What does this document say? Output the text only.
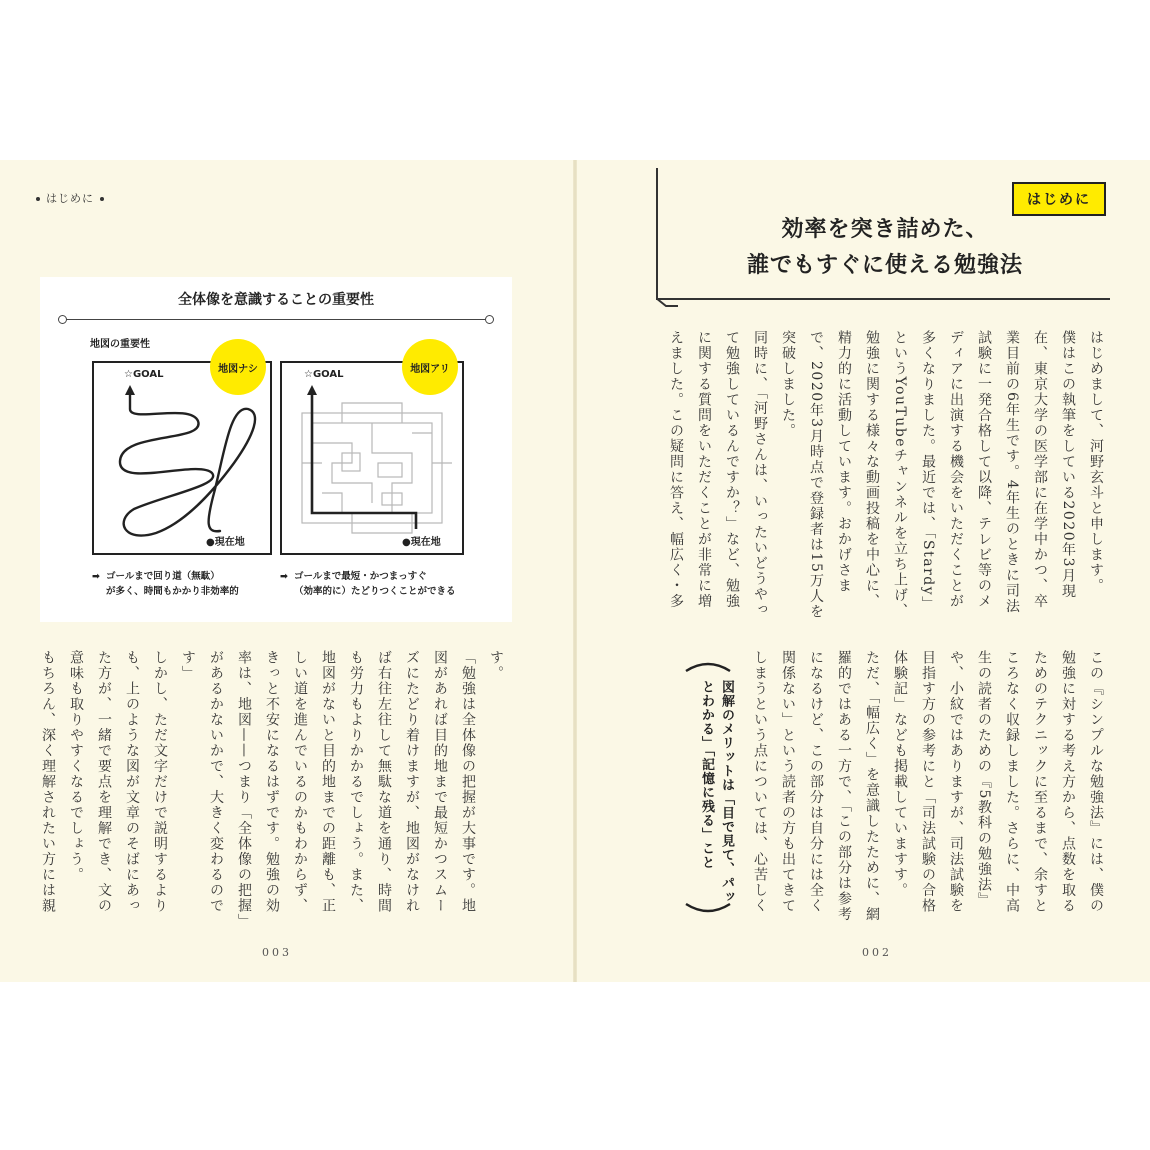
はじめに
全体像を意識することの重要性
地図の重要性
☆GOAL
●現在地
地図ナシ	☆GOAL
●現在地
地図アリ
➡ ゴールまで回り道（無駄）
が多く、時間もかかり非効率的
➡ ゴールまで最短・かつまっすぐ
（効率的に）たどりつくことができる
す。
「勉強は全体像の把握が大事です。地図があれば目的地まで最短かつスムーズにたどり着けますが、地図がなければ右往左往して無駄な道を通り、時間も労力もよりかかるでしょう。また、地図がないと目的地までの距離も、正しい道を進んでいるのかもわからず、きっと不安になるはずです。勉強の効率は、地図——つまり「全体像の把握」があるかないかで、大きく変わるのです」
しかし、ただ文字だけで説明するよりも、上のような図が文章のそばにあった方が、一緒で要点を理解でき、文の意味も取りやすくなるでしょう。
もちろん、深く理解されたい方には親
003
はじめに
効率を突き詰めた、
誰でもすぐに使える勉強法
はじめまして、河野玄斗と申します。
僕はこの執筆をしている2020年3月現在、東京大学の医学部に在学中かつ、卒業目前の6年生です。4年生のときに司法試験に一発合格して以降、テレビ等のメディアに出演する機会をいただくことが多くなりました。最近では、「Stardy」というYouTubeチャンネルを立ち上げ、勉強に関する様々な動画投稿を中心に、精力的に活動しています。おかげさまで、2020年3月時点で登録者は15万人を突破しました。
同時に、「河野さんは、いったいどうやって勉強しているんですか？」など、勉強に関する質問をいただくことが非常に増えました。この疑問に答え、幅広く・多
図解のメリットは「目で見て、パッとわかる」「記憶に残る」こと	この『シンプルな勉強法』には、僕の勉強に対する考え方から、点数を取るためのテクニックに至るまで、余すところなく収録しました。さらに、中高生の読者のための『5教科の勉強法』や、小紋ではありますが、司法試験を目指す方の参考にと「司法試験の合格体験記」なども掲載していますす。
ただ、「幅広く」を意識したために、網羅的ではある一方で、「この部分は参考になるけど、この部分は自分には全く関係ない」という読者の方も出てきてしまうという点については、心苦しく

002
